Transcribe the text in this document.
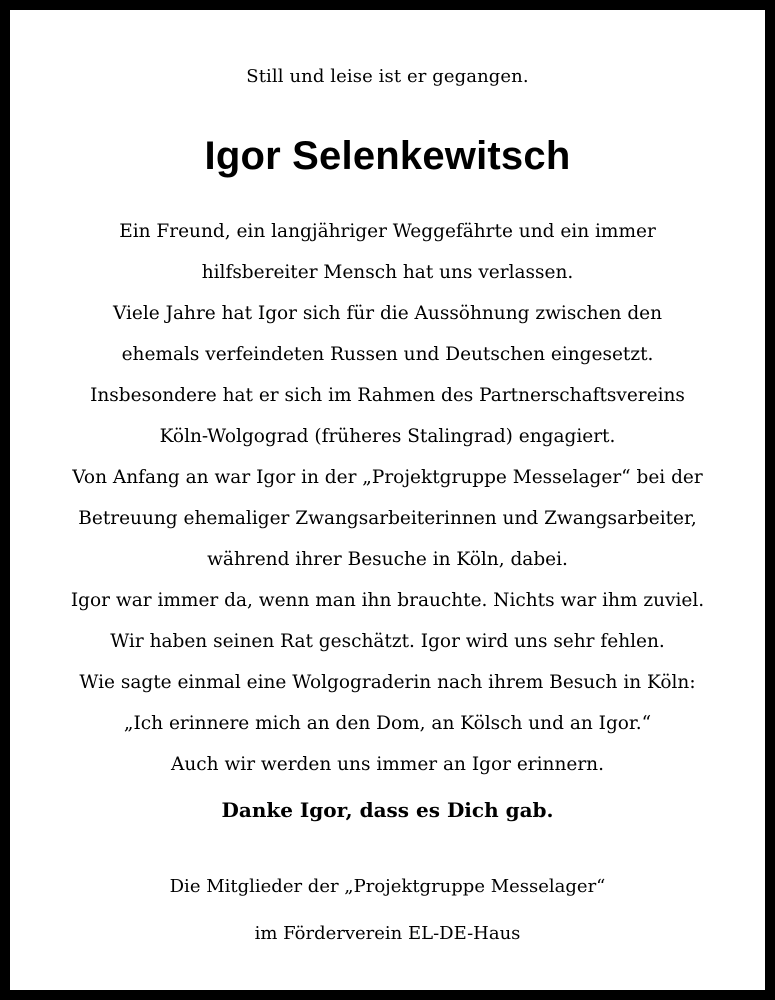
Still und leise ist er gegangen.
Igor Selenkewitsch
Ein Freund, ein langjähriger Weggefährte und ein immer
hilfsbereiter Mensch hat uns verlassen.
Viele Jahre hat Igor sich für die Aussöhnung zwischen den
ehemals verfeindeten Russen und Deutschen eingesetzt.
Insbesondere hat er sich im Rahmen des Partnerschaftsvereins
Köln-Wolgograd (früheres Stalingrad) engagiert.
Von Anfang an war Igor in der „Projektgruppe Messelager“ bei der
Betreuung ehemaliger Zwangsarbeiterinnen und Zwangsarbeiter,
während ihrer Besuche in Köln, dabei.
Igor war immer da, wenn man ihn brauchte. Nichts war ihm zuviel.
Wir haben seinen Rat geschätzt. Igor wird uns sehr fehlen.
Wie sagte einmal eine Wolgograderin nach ihrem Besuch in Köln:
„Ich erinnere mich an den Dom, an Kölsch und an Igor.“
Auch wir werden uns immer an Igor erinnern.
Danke Igor, dass es Dich gab.
Die Mitglieder der „Projektgruppe Messelager“
im Förderverein EL-DE-Haus
